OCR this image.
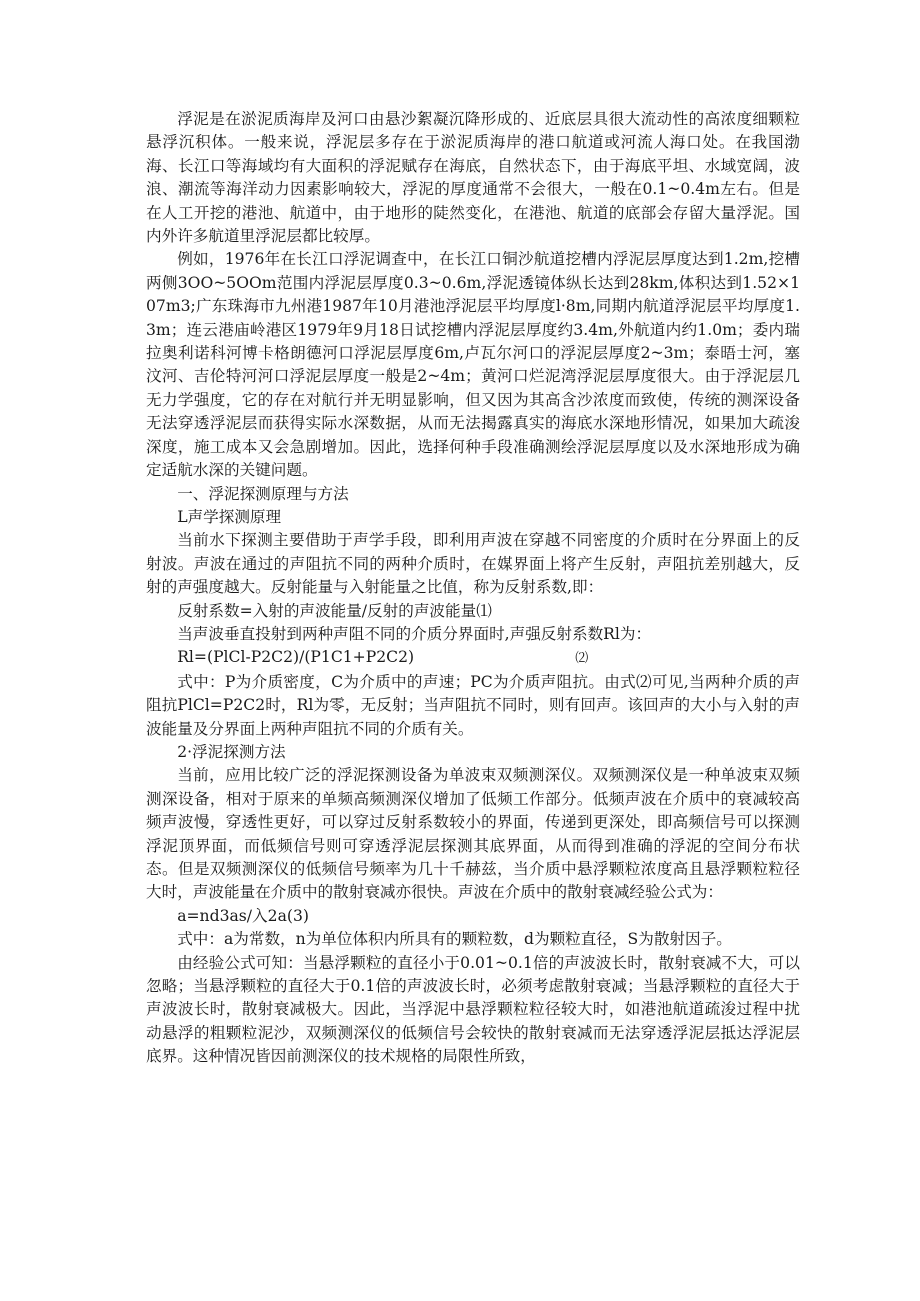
浮泥是在淤泥质海岸及河口由悬沙絮凝沉降形成的、近底层具很大流动性的高浓度细颗粒悬浮沉积体。一般来说，浮泥层多存在于淤泥质海岸的港口航道或河流人海口处。在我国渤海、长江口等海域均有大面积的浮泥赋存在海底，自然状态下，由于海底平坦、水域宽阔，波浪、潮流等海洋动力因素影响较大，浮泥的厚度通常不会很大，一般在0.1~0.4m左右。但是在人工开挖的港池、航道中，由于地形的陡然变化，在港池、航道的底部会存留大量浮泥。国内外许多航道里浮泥层都比较厚。

例如，1976年在长江口浮泥调查中，在长江口铜沙航道挖槽内浮泥层厚度达到1.2m,挖槽两侧3OO~5OOm范围内浮泥层厚度0.3~0.6m,浮泥透镜体纵长达到28km,体积达到1.52×107m3;广东珠海市九州港1987年10月港池浮泥层平均厚度l·8m,同期内航道浮泥层平均厚度1.3m；连云港庙岭港区1979年9月18日试挖槽内浮泥层厚度约3.4m,外航道内约1.0m；委内瑞拉奥利诺科河博卡格朗德河口浮泥层厚度6m,卢瓦尔河口的浮泥层厚度2~3m；泰晤士河，塞汶河、吉伦特河河口浮泥层厚度一般是2~4m；黄河口烂泥湾浮泥层厚度很大。由于浮泥层几无力学强度，它的存在对航行并无明显影响，但又因为其高含沙浓度而致使，传统的测深设备无法穿透浮泥层而获得实际水深数据，从而无法揭露真实的海底水深地形情况，如果加大疏浚深度，施工成本又会急剧增加。因此，选择何种手段准确测绘浮泥层厚度以及水深地形成为确定适航水深的关键问题。

一、浮泥探测原理与方法

L声学探测原理

当前水下探测主要借助于声学手段，即利用声波在穿越不同密度的介质时在分界面上的反射波。声波在通过的声阻抗不同的两种介质时，在媒界面上将产生反射，声阻抗差别越大，反射的声强度越大。反射能量与入射能量之比值，称为反射系数,即：

反射系数=入射的声波能量/反射的声波能量⑴

当声波垂直投射到两种声阻不同的介质分界面时,声强反射系数Rl为：

Rl=(PlCl-P2C2)/(P1C1+P2C2)	⑵

式中：P为介质密度，C为介质中的声速；PC为介质声阻抗。由式⑵可见,当两种介质的声阻抗PlCl=P2C2时，Rl为零，无反射；当声阻抗不同时，则有回声。该回声的大小与入射的声波能量及分界面上两种声阻抗不同的介质有关。

2·浮泥探测方法

当前，应用比较广泛的浮泥探测设备为单波束双频测深仪。双频测深仪是一种单波束双频测深设备，相对于原来的单频高频测深仪增加了低频工作部分。低频声波在介质中的衰减较高频声波慢，穿透性更好，可以穿过反射系数较小的界面，传递到更深处，即高频信号可以探测浮泥顶界面，而低频信号则可穿透浮泥层探测其底界面，从而得到准确的浮泥的空间分布状态。但是双频测深仪的低频信号频率为几十千赫兹，当介质中悬浮颗粒浓度高且悬浮颗粒粒径大时，声波能量在介质中的散射衰减亦很快。声波在介质中的散射衰减经验公式为：

a=nd3as∕入2a(3)

式中：a为常数，n为单位体积内所具有的颗粒数，d为颗粒直径，S为散射因子。

由经验公式可知：当悬浮颗粒的直径小于0.01~0.1倍的声波波长时，散射衰减不大，可以忽略；当悬浮颗粒的直径大于0.1倍的声波波长时，必须考虑散射衰减；当悬浮颗粒的直径大于声波波长时，散射衰减极大。因此，当浮泥中悬浮颗粒粒径较大时，如港池航道疏浚过程中扰动悬浮的粗颗粒泥沙，双频测深仪的低频信号会较快的散射衰减而无法穿透浮泥层抵达浮泥层底界。这种情况皆因前测深仪的技术规格的局限性所致，
